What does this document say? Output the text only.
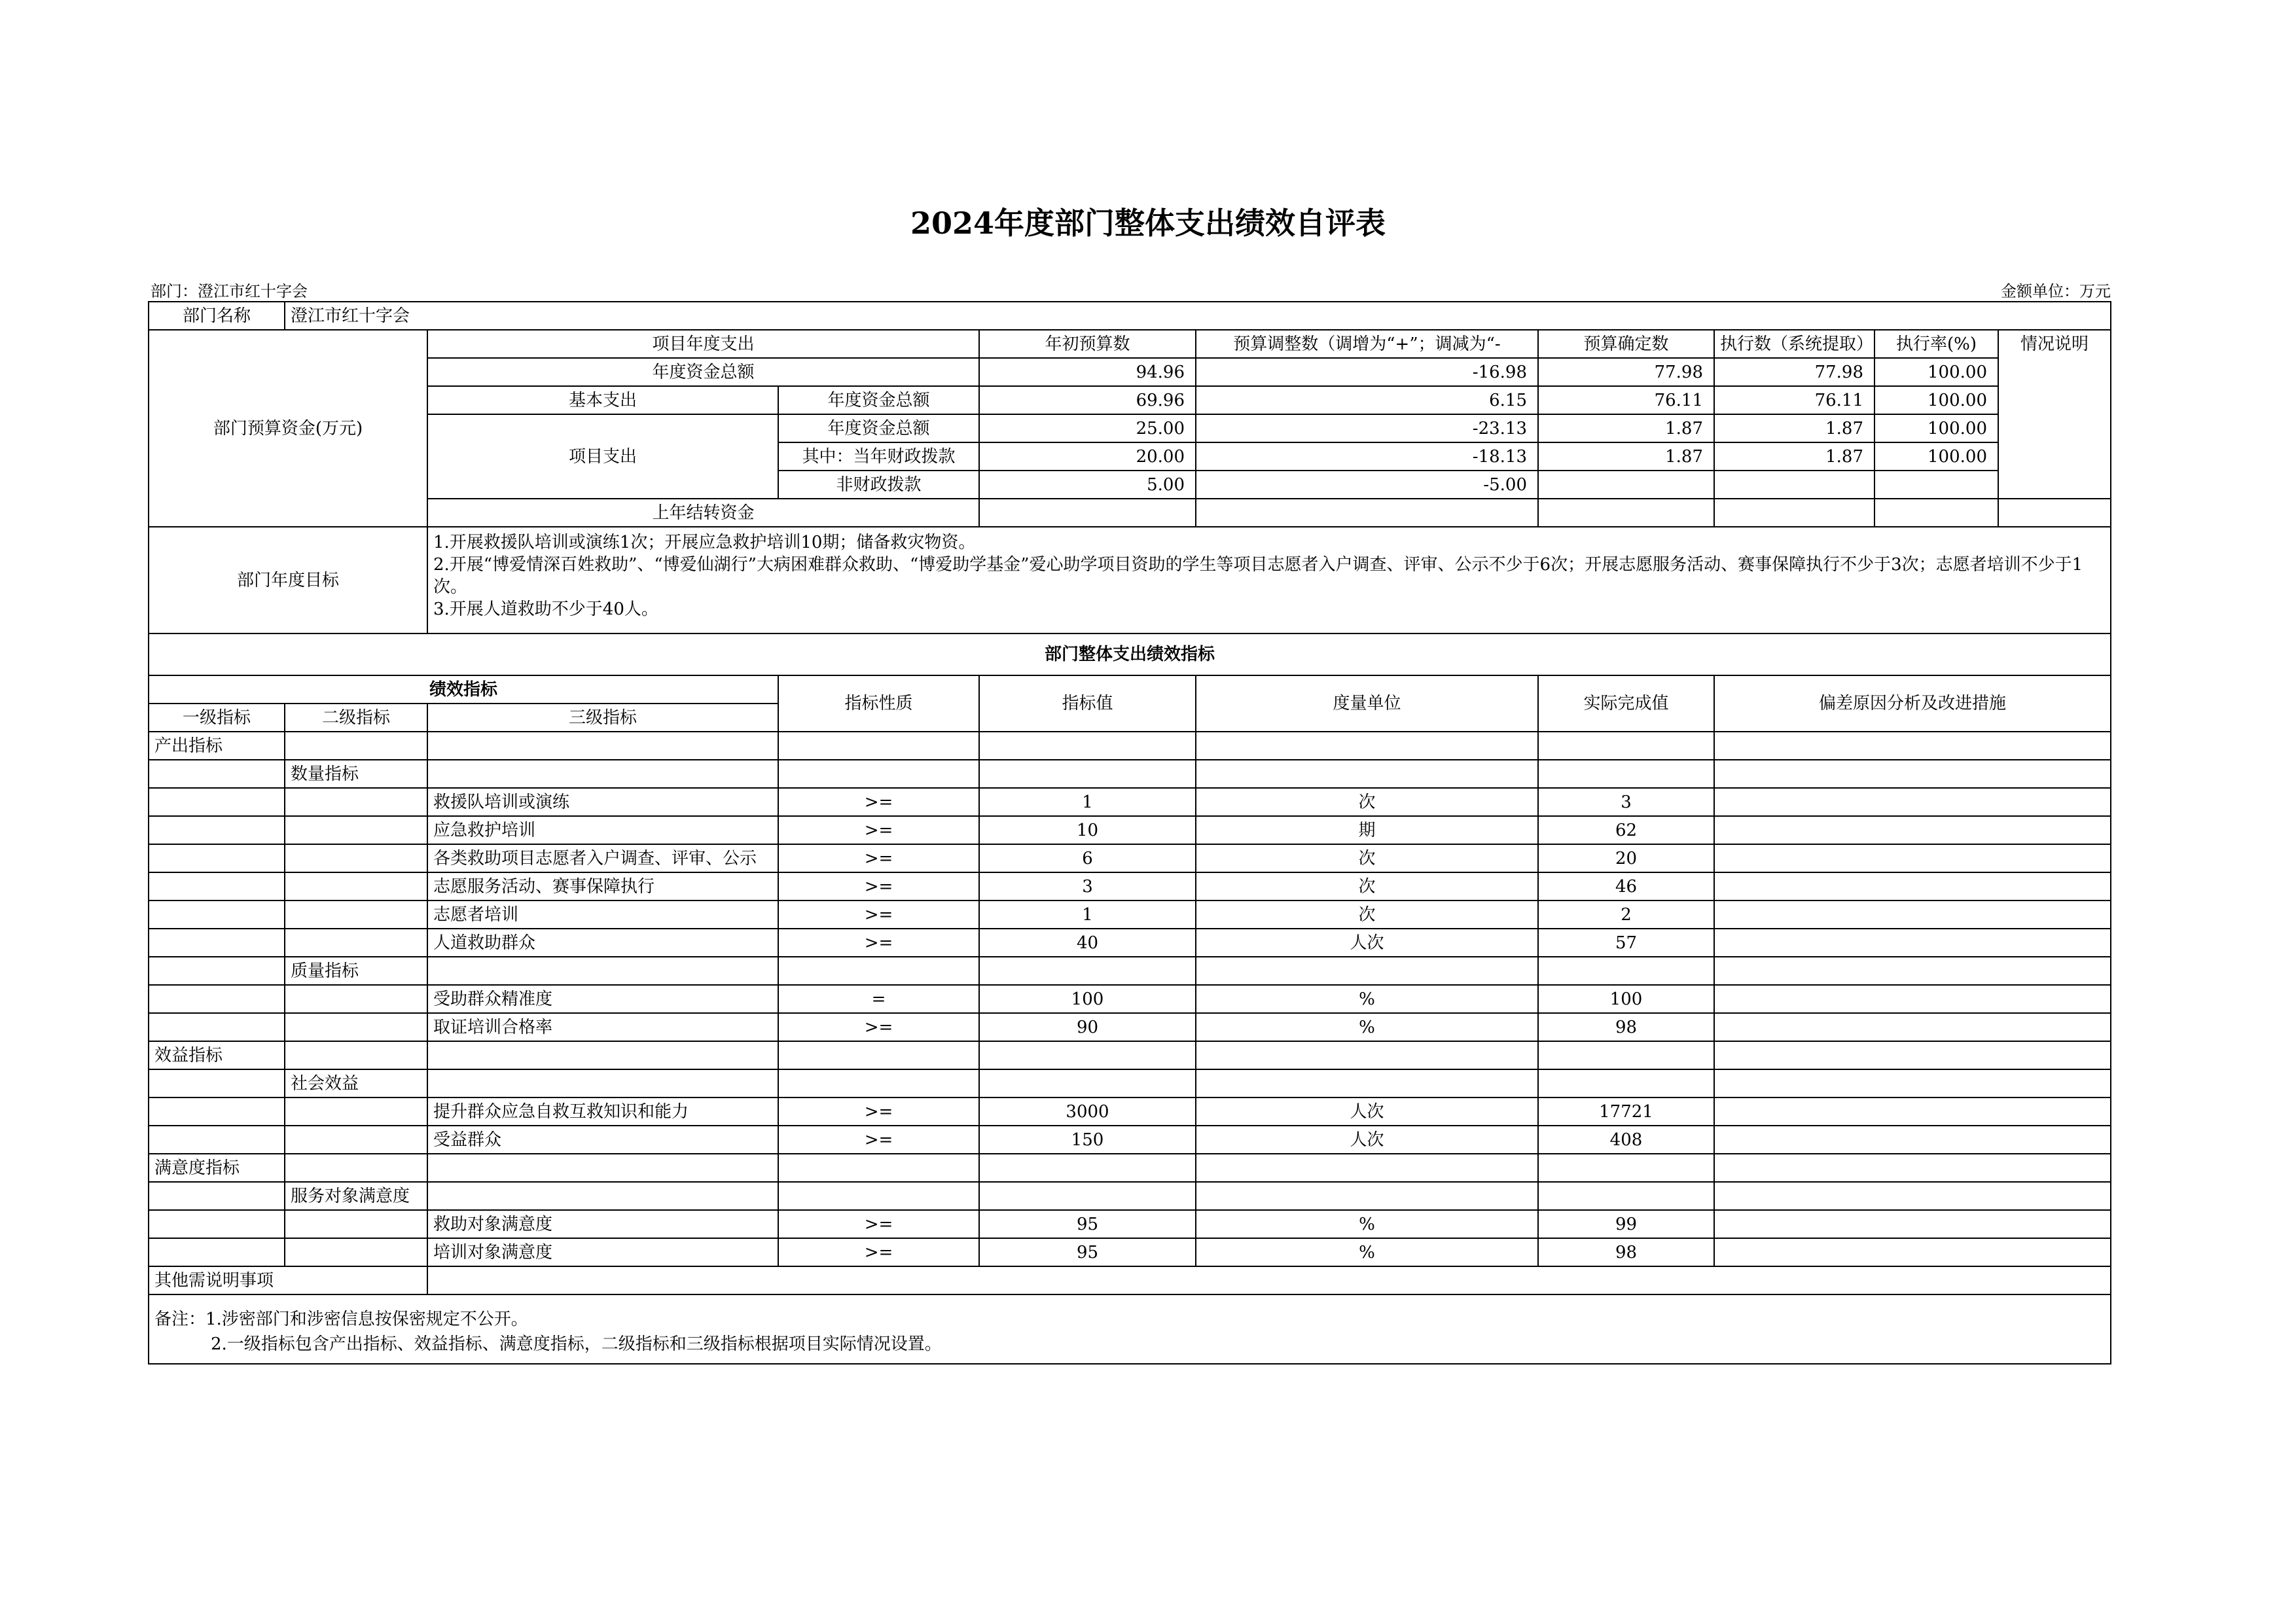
2024年度部门整体支出绩效自评表
部门：澄江市红十字会	金额单位：万元
部门名称	澄江市红十字会								
部门预算资金(万元)		项目年度支出		年初预算数	预算调整数（调增为“+”；调减为“-	预算确定数	执行数（系统提取）	执行率(%)	情况说明
		年度资金总额		94.96	-16.98	77.98	77.98	100.00	
		基本支出	年度资金总额	69.96	6.15	76.11	76.11	100.00	
		项目支出	年度资金总额	25.00	-23.13	1.87	1.87	100.00	
			其中：当年财政拨款	20.00	-18.13	1.87	1.87	100.00	
			非财政拨款	5.00	-5.00				
		上年结转资金							
部门年度目标		1.开展救援队培训或演练1次；开展应急救护培训10期；储备救灾物资。
2.开展“博爱情深百姓救助”、“博爱仙湖行”大病困难群众救助、“博爱助学基金”爱心助学项目资助的学生等项目志愿者入户调查、评审、公示不少于6次；开展志愿服务活动、赛事保障执行不少于3次；志愿者培训不少于1次。
3.开展人道救助不少于40人。							

部门整体支出绩效指标									
绩效指标			指标性质	指标值	度量单位	实际完成值	偏差原因分析及改进措施		
一级指标	二级指标	三级指标							
产出指标									
	数量指标								
		救援队培训或演练	>=	1	次	3			
		应急救护培训	>=	10	期	62			
		各类救助项目志愿者入户调查、评审、公示	>=	6	次	20			
		志愿服务活动、赛事保障执行	>=	3	次	46			
		志愿者培训	>=	1	次	2			
		人道救助群众	>=	40	人次	57			
	质量指标								
		受助群众精准度	=	100	%	100			
		取证培训合格率	>=	90	%	98			
效益指标									
	社会效益								
		提升群众应急自救互救知识和能力	>=	3000	人次	17721			
		受益群众	>=	150	人次	408			
满意度指标									
	服务对象满意度								
		救助对象满意度	>=	95	%	99			
		培训对象满意度	>=	95	%	98			
其他需说明事项									

备注：1.涉密部门和涉密信息按保密规定不公开。
2.一级指标包含产出指标、效益指标、满意度指标，二级指标和三级指标根据项目实际情况设置。									
